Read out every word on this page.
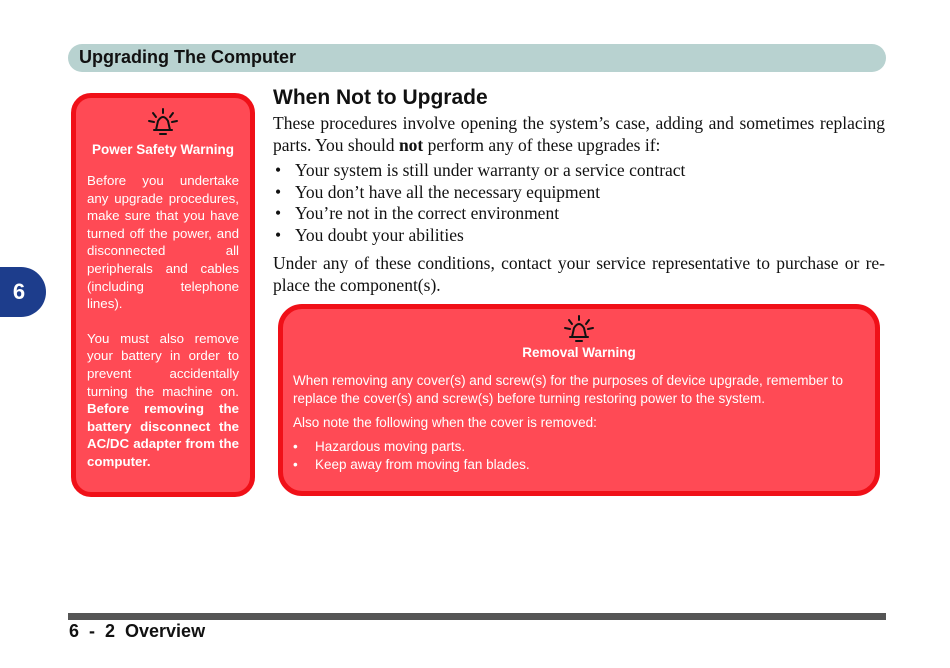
Upgrading The Computer
6
Power Safety Warning

Before you undertake any upgrade procedures, make sure that you have turned off the power, and disconnected all peripherals and cables (including telephone lines).

You must also remove your battery in order to prevent accidentally turning the machine on. Before removing the battery disconnect the AC/DC adapter from the computer.

When Not to Upgrade

These procedures involve opening the system’s case, adding and sometimes replacing parts. You should not perform any of these upgrades if:

• Your system is still under warranty or a service contract
• You don’t have all the necessary equipment
• You’re not in the correct environment
• You doubt your abilities

Under any of these conditions, contact your service representative to purchase or replace the component(s).

Removal Warning

When removing any cover(s) and screw(s) for the purposes of device upgrade, remember to replace the cover(s) and screw(s) before turning restoring power to the system.

Also note the following when the cover is removed:

• Hazardous moving parts.
• Keep away from moving fan blades.
6  -  2  Overview
